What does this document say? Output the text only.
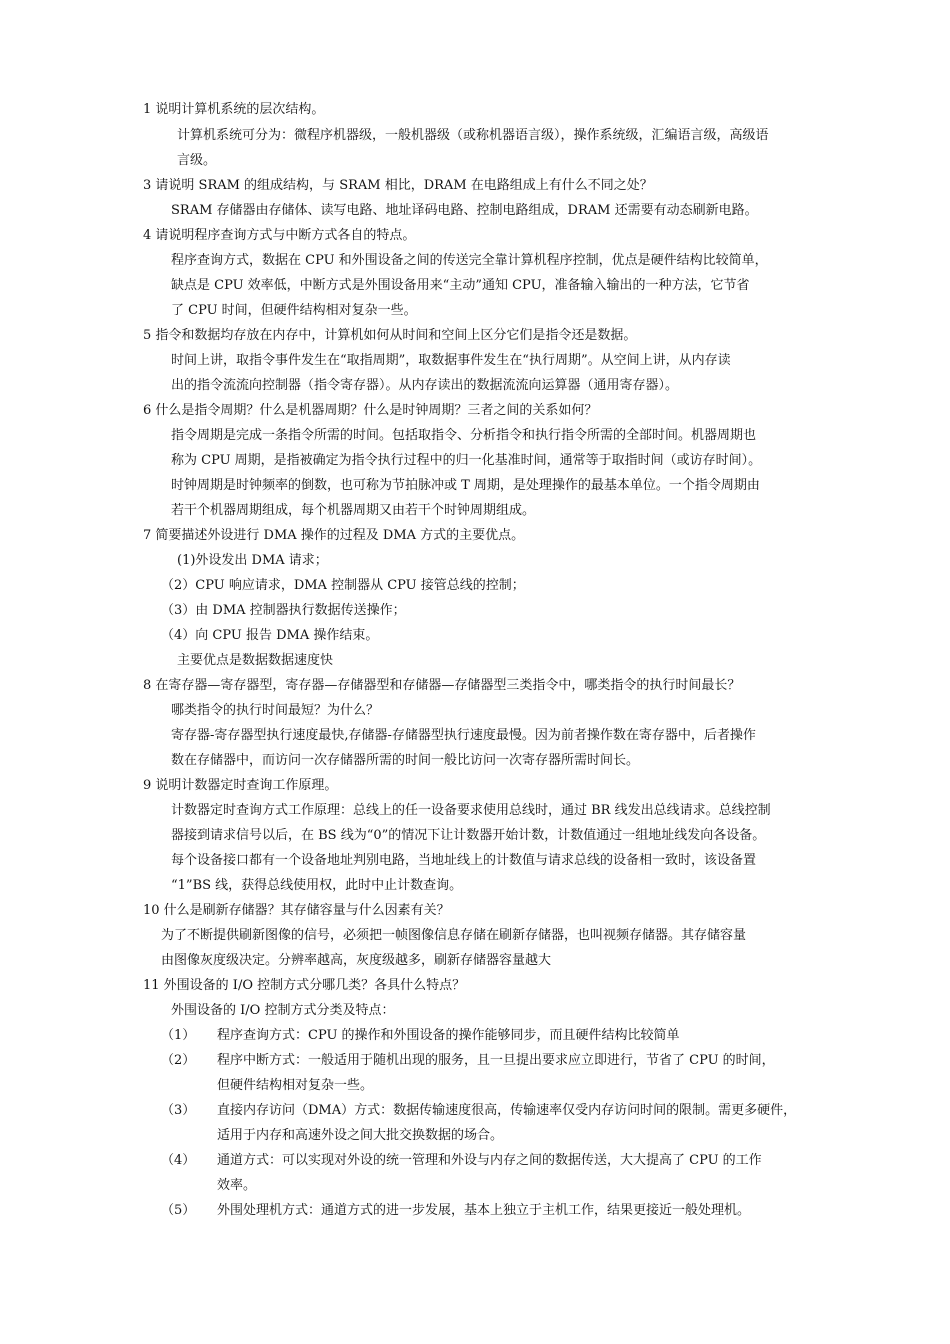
1 说明计算机系统的层次结构。
计算机系统可分为：微程序机器级，一般机器级（或称机器语言级），操作系统级，汇编语言级，高级语
言级。
3 请说明 SRAM 的组成结构，与 SRAM 相比，DRAM 在电路组成上有什么不同之处？
SRAM 存储器由存储体、读写电路、地址译码电路、控制电路组成，DRAM 还需要有动态刷新电路。
4 请说明程序查询方式与中断方式各自的特点。
程序查询方式，数据在 CPU 和外围设备之间的传送完全靠计算机程序控制，优点是硬件结构比较简单，
缺点是 CPU 效率低，中断方式是外围设备用来“主动”通知 CPU，准备输入输出的一种方法，它节省
了 CPU 时间，但硬件结构相对复杂一些。
5 指令和数据均存放在内存中，计算机如何从时间和空间上区分它们是指令还是数据。
时间上讲，取指令事件发生在“取指周期”，取数据事件发生在“执行周期”。从空间上讲，从内存读
出的指令流流向控制器（指令寄存器）。从内存读出的数据流流向运算器（通用寄存器）。
6 什么是指令周期？什么是机器周期？什么是时钟周期？三者之间的关系如何？
指令周期是完成一条指令所需的时间。包括取指令、分析指令和执行指令所需的全部时间。机器周期也
称为 CPU 周期，是指被确定为指令执行过程中的归一化基准时间，通常等于取指时间（或访存时间）。
时钟周期是时钟频率的倒数，也可称为节拍脉冲或 T 周期，是处理操作的最基本单位。一个指令周期由
若干个机器周期组成，每个机器周期又由若干个时钟周期组成。
7 简要描述外设进行 DMA 操作的过程及 DMA 方式的主要优点。
(1)外设发出 DMA 请求；
（2）CPU 响应请求，DMA 控制器从 CPU 接管总线的控制；
（3）由 DMA 控制器执行数据传送操作；
（4）向 CPU 报告 DMA 操作结束。
主要优点是数据数据速度快
8 在寄存器—寄存器型，寄存器—存储器型和存储器—存储器型三类指令中，哪类指令的执行时间最长？
哪类指令的执行时间最短？为什么？
寄存器-寄存器型执行速度最快,存储器-存储器型执行速度最慢。因为前者操作数在寄存器中，后者操作
数在存储器中，而访问一次存储器所需的时间一般比访问一次寄存器所需时间长。
9 说明计数器定时查询工作原理。
计数器定时查询方式工作原理：总线上的任一设备要求使用总线时，通过 BR 线发出总线请求。总线控制
器接到请求信号以后，在 BS 线为“0”的情况下让计数器开始计数，计数值通过一组地址线发向各设备。
每个设备接口都有一个设备地址判别电路，当地址线上的计数值与请求总线的设备相一致时，该设备置
“1”BS 线，获得总线使用权，此时中止计数查询。
10 什么是刷新存储器？其存储容量与什么因素有关？
为了不断提供刷新图像的信号，必须把一帧图像信息存储在刷新存储器，也叫视频存储器。其存储容量
由图像灰度级决定。分辨率越高，灰度级越多，刷新存储器容量越大
11 外围设备的 I/O 控制方式分哪几类？各具什么特点？
外围设备的 I/O 控制方式分类及特点：
（1） 程序查询方式：CPU 的操作和外围设备的操作能够同步，而且硬件结构比较简单
（2） 程序中断方式：一般适用于随机出现的服务，且一旦提出要求应立即进行，节省了 CPU 的时间，
但硬件结构相对复杂一些。
（3） 直接内存访问（DMA）方式：数据传输速度很高，传输速率仅受内存访问时间的限制。需更多硬件，
适用于内存和高速外设之间大批交换数据的场合。
（4） 通道方式：可以实现对外设的统一管理和外设与内存之间的数据传送，大大提高了 CPU 的工作
效率。
（5） 外围处理机方式：通道方式的进一步发展，基本上独立于主机工作，结果更接近一般处理机。
